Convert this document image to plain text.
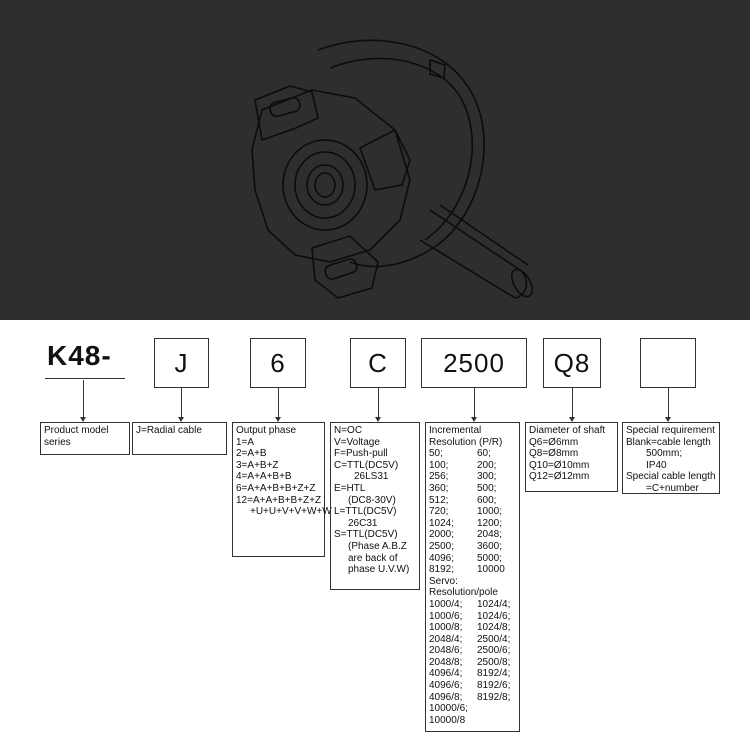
K48-	J	6	C	2500	Q8
Product model
series
J=Radial cable	Output phase
1=A
2=A+B
3=A+B+Z
4=A+A+B+B
6=A+A+B+B+Z+Z
12=A+A+B+B+Z+Z
+U+U+V+V+W+W
N=OC
V=Voltage
F=Push-pull
C=TTL(DC5V)
26LS31
E=HTL
(DC8-30V)
L=TTL(DC5V)
26C31
S=TTL(DC5V)
(Phase A.B.Z
are back of
phase U.V.W)
Incremental
Resolution (P/R)
50;	60;
100;	200;
256;	300;
360;	500;
512;	600;
720;	1000;
1024;	1200;
2000;	2048;
2500;	3600;
4096;	5000;
8192;	10000
Servo:
Resolution/pole
1000/4;	1024/4;
1000/6;	1024/6;
1000/8;	1024/8;
2048/4;	2500/4;
2048/6;	2500/6;
2048/8;	2500/8;
4096/4;	8192/4;
4096/6;	8192/6;
4096/8;	8192/8;
10000/6;
10000/8
Diameter of shaft
Q6=Ø6mm
Q8=Ø8mm
Q10=Ø10mm
Q12=Ø12mm
Special requirement
Blank=cable length
500mm;
IP40
Special cable length
=C+number
